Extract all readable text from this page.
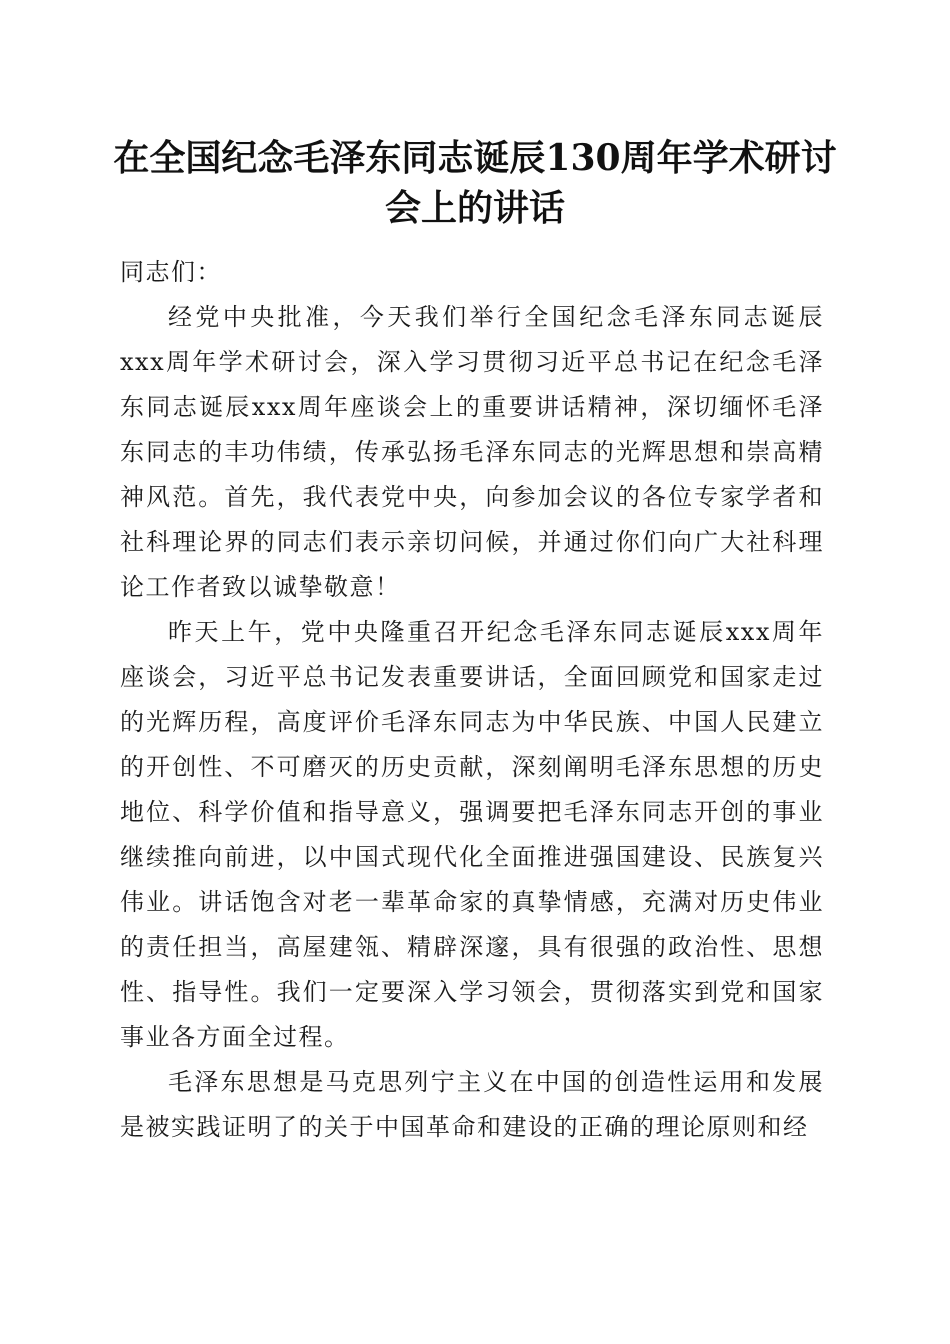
在全国纪念毛泽东同志诞辰130周年学术研讨会上的讲话

同志们：

经党中央批准，今天我们举行全国纪念毛泽东同志诞辰xxx周年学术研讨会，深入学习贯彻习近平总书记在纪念毛泽东同志诞辰xxx周年座谈会上的重要讲话精神，深切缅怀毛泽东同志的丰功伟绩，传承弘扬毛泽东同志的光辉思想和崇高精神风范。首先，我代表党中央，向参加会议的各位专家学者和社科理论界的同志们表示亲切问候，并通过你们向广大社科理论工作者致以诚挚敬意！

昨天上午，党中央隆重召开纪念毛泽东同志诞辰xxx周年座谈会，习近平总书记发表重要讲话，全面回顾党和国家走过的光辉历程，高度评价毛泽东同志为中华民族、中国人民建立的开创性、不可磨灭的历史贡献，深刻阐明毛泽东思想的历史地位、科学价值和指导意义，强调要把毛泽东同志开创的事业继续推向前进，以中国式现代化全面推进强国建设、民族复兴伟业。讲话饱含对老一辈革命家的真挚情感，充满对历史伟业的责任担当，高屋建瓴、精辟深邃，具有很强的政治性、思想性、指导性。我们一定要深入学习领会，贯彻落实到党和国家事业各方面全过程。

毛泽东思想是马克思列宁主义在中国的创造性运用和发展是被实践证明了的关于中国革命和建设的正确的理论原则和经
